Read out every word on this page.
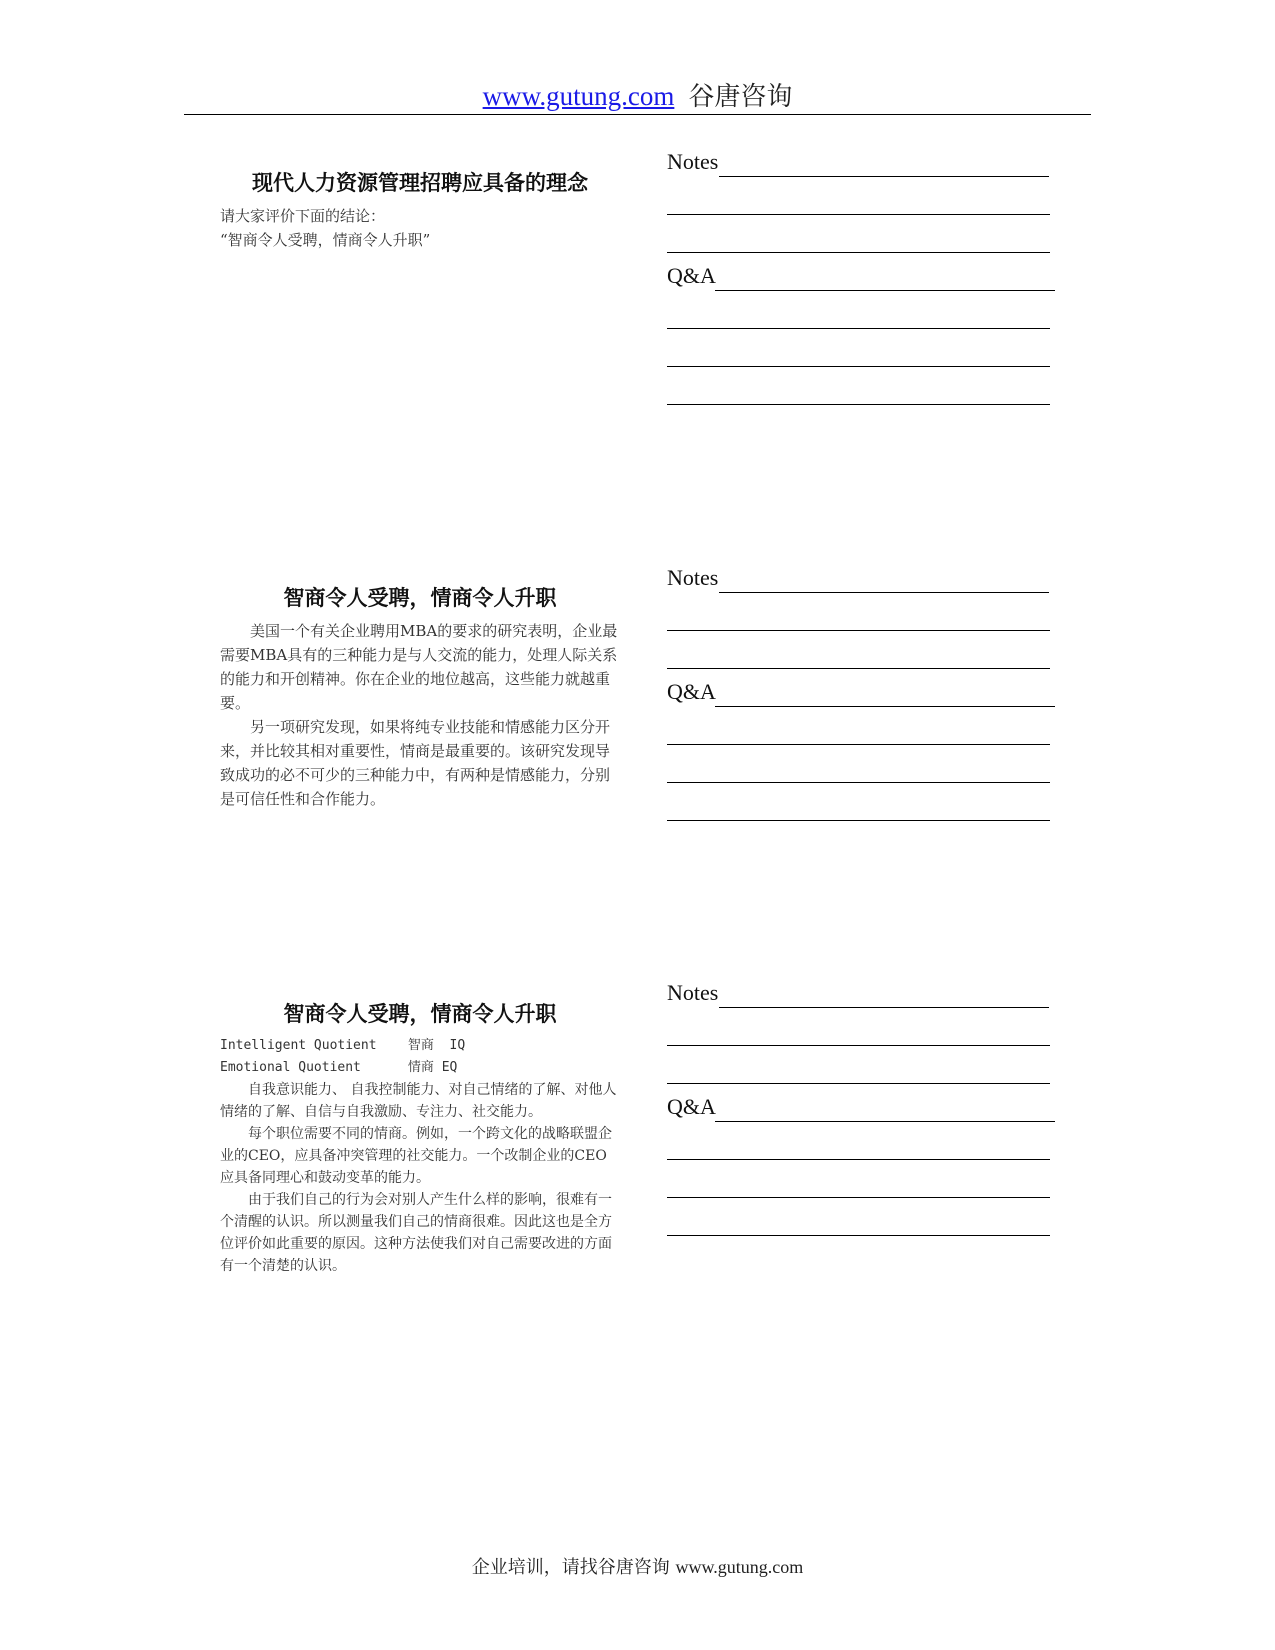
www.gutung.com 谷唐咨询
现代人力资源管理招聘应具备的理念

请大家评价下面的结论：

“智商令人受聘，情商令人升职”

Notes
Q&A
智商令人受聘，情商令人升职

美国一个有关企业聘用MBA的要求的研究表明，企业最需要MBA具有的三种能力是与人交流的能力，处理人际关系的能力和开创精神。你在企业的地位越高，这些能力就越重要。

另一项研究发现，如果将纯专业技能和情感能力区分开来，并比较其相对重要性，情商是最重要的。该研究发现导致成功的必不可少的三种能力中，有两种是情感能力，分别是可信任性和合作能力。

Notes
Q&A
智商令人受聘，情商令人升职
Intelligent Quotient 智商 IQ
Emotional Quotient	情商 EQ

自我意识能力、 自我控制能力、对自己情绪的了解、对他人情绪的了解、自信与自我激励、专注力、社交能力。

每个职位需要不同的情商。例如，一个跨文化的战略联盟企业的CEO，应具备冲突管理的社交能力。一个改制企业的CEO应具备同理心和鼓动变革的能力。

由于我们自己的行为会对别人产生什么样的影响，很难有一个清醒的认识。所以测量我们自己的情商很难。因此这也是全方位评价如此重要的原因。这种方法使我们对自己需要改进的方面有一个清楚的认识。

Notes
Q&A
企业培训，请找谷唐咨询 www.gutung.com
